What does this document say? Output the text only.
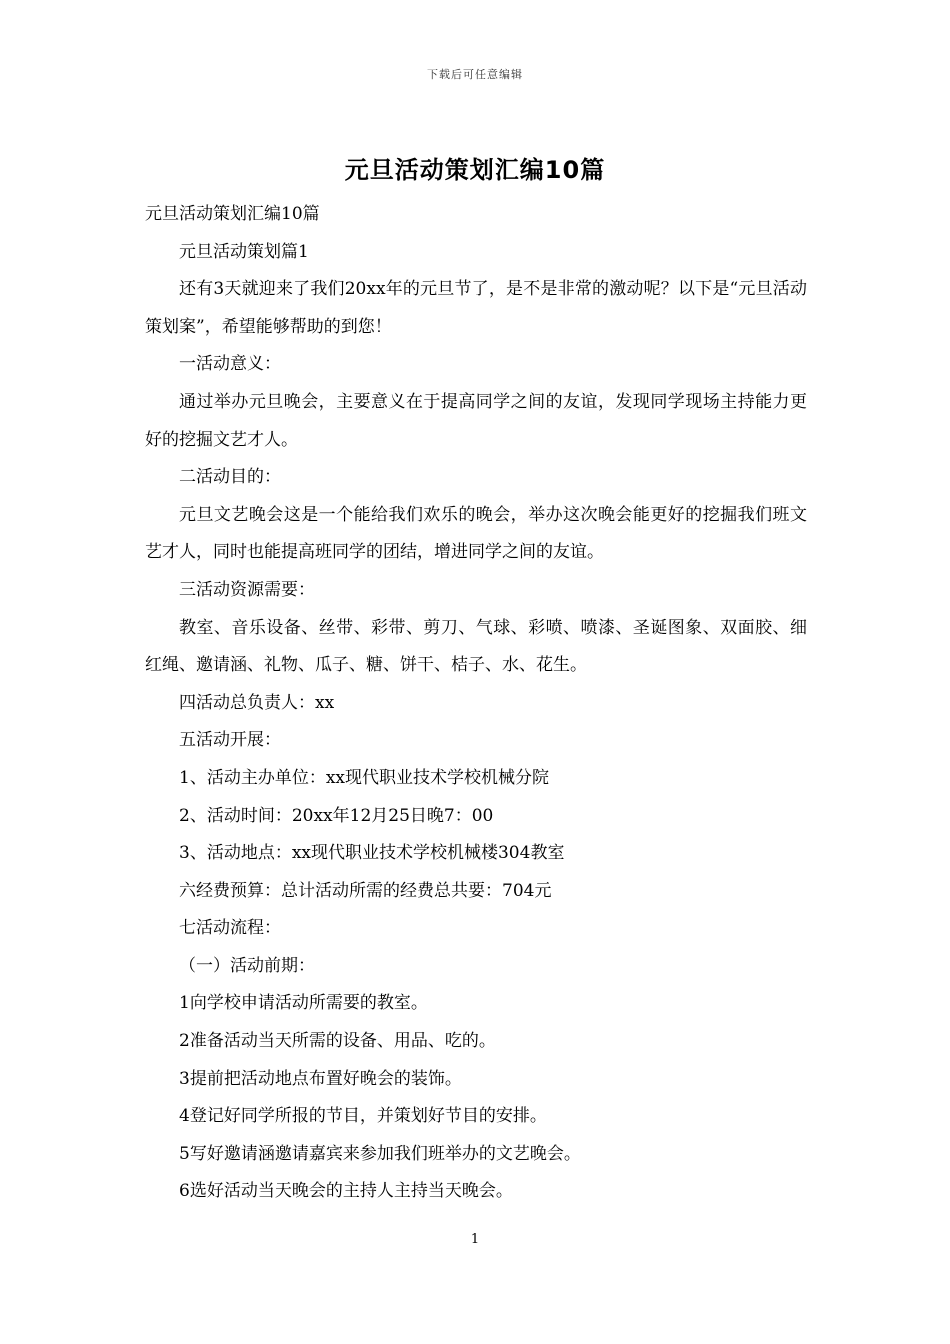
下载后可任意编辑
元旦活动策划汇编10篇

元旦活动策划汇编10篇

元旦活动策划篇1

还有3天就迎来了我们20xx年的元旦节了，是不是非常的激动呢？以下是“元旦活动策划案”，希望能够帮助的到您！

一活动意义：

通过举办元旦晚会，主要意义在于提高同学之间的友谊，发现同学现场主持能力更好的挖掘文艺才人。

二活动目的：

元旦文艺晚会这是一个能给我们欢乐的晚会，举办这次晚会能更好的挖掘我们班文艺才人，同时也能提高班同学的团结，增进同学之间的友谊。

三活动资源需要：

教室、音乐设备、丝带、彩带、剪刀、气球、彩喷、喷漆、圣诞图象、双面胶、细红绳、邀请涵、礼物、瓜子、糖、饼干、桔子、水、花生。

四活动总负责人：xx

五活动开展：

1、活动主办单位：xx现代职业技术学校机械分院

2、活动时间：20xx年12月25日晚7：00

3、活动地点：xx现代职业技术学校机械楼304教室

六经费预算：总计活动所需的经费总共要：704元

七活动流程：

（一）活动前期：

1向学校申请活动所需要的教室。

2准备活动当天所需的设备、用品、吃的。

3提前把活动地点布置好晚会的装饰。

4登记好同学所报的节目，并策划好节目的安排。

5写好邀请涵邀请嘉宾来参加我们班举办的文艺晚会。

6选好活动当天晚会的主持人主持当天晚会。

1
